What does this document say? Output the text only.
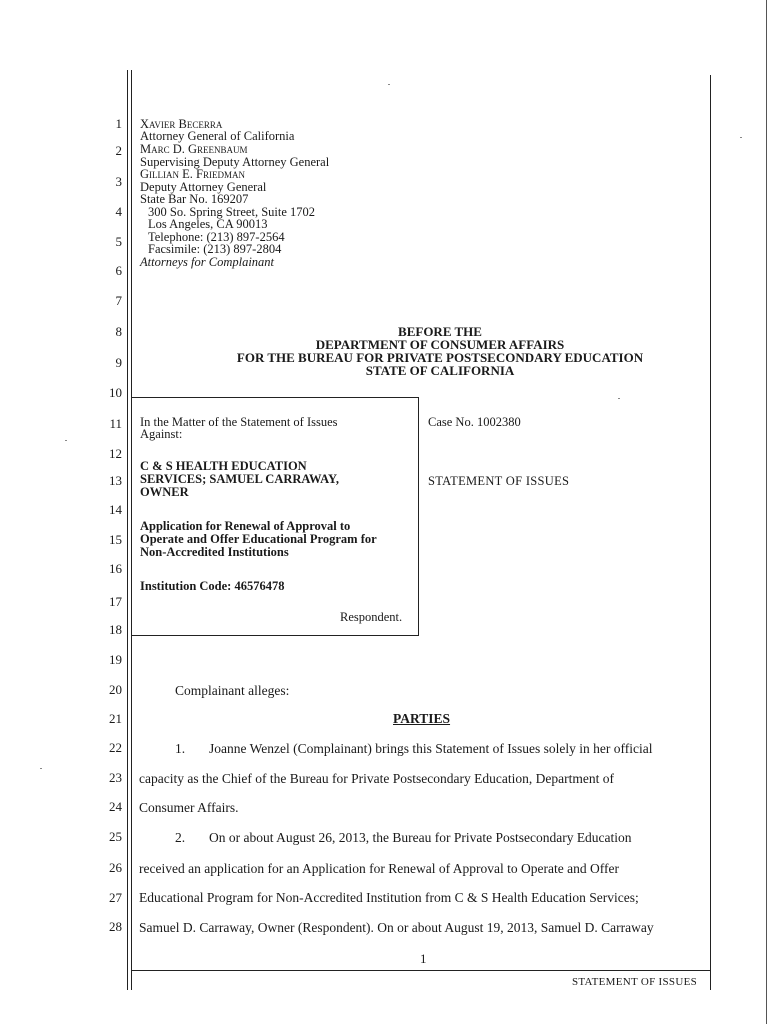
1
2
3
4
5
6
7
8
9
10
11
12
13
14
15
16
17
18
19
20
21
22
23
24
25
26
27
28
Xavier Becerra
Attorney General of California
Marc D. Greenbaum
Supervising Deputy Attorney General
Gillian E. Friedman
Deputy Attorney General
State Bar No. 169207
300 So. Spring Street, Suite 1702
Los Angeles, CA 90013
Telephone: (213) 897-2564
Facsimile: (213) 897-2804
Attorneys for Complainant
BEFORE THE
DEPARTMENT OF CONSUMER AFFAIRS
FOR THE BUREAU FOR PRIVATE POSTSECONDARY EDUCATION
STATE OF CALIFORNIA
In the Matter of the Statement of Issues
Against:
C & S HEALTH EDUCATION
SERVICES; SAMUEL CARRAWAY,
OWNER
Application for Renewal of Approval to
Operate and Offer Educational Program for
Non-Accredited Institutions
Institution Code: 46576478
Respondent.
Case No. 1002380
STATEMENT OF ISSUES
Complainant alleges:
PARTIES
1. Joanne Wenzel (Complainant) brings this Statement of Issues solely in her official
capacity as the Chief of the Bureau for Private Postsecondary Education, Department of
Consumer Affairs.
2. On or about August 26, 2013, the Bureau for Private Postsecondary Education
received an application for an Application for Renewal of Approval to Operate and Offer
Educational Program for Non-Accredited Institution from C & S Health Education Services;
Samuel D. Carraway, Owner (Respondent). On or about August 19, 2013, Samuel D. Carraway
1
STATEMENT OF ISSUES
